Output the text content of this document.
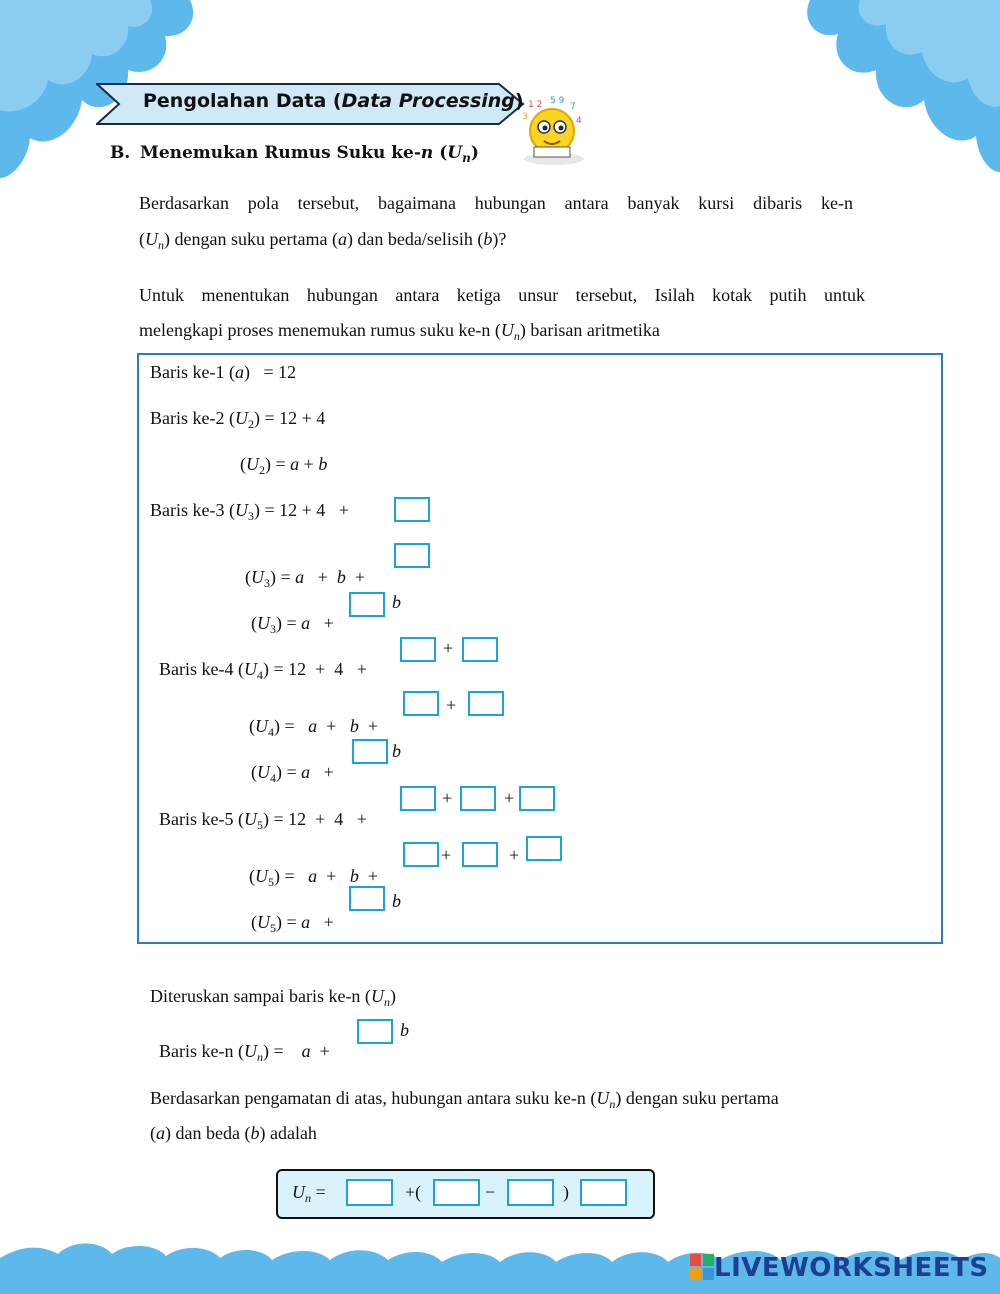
Pengolahan Data (Data Processing) 1 2 5 9
7
4
3
B. Menemukan Rumus Suku ke-n $(U_n)$
Berdasarkan pola tersebut, bagaimana hubungan antara banyak kursi dibaris ke-n
$(U_n)$ dengan suku pertama (a) dan beda/selisih (b)?
Untuk menentukan hubungan antara ketiga unsur tersebut, Isilah kotak putih untuk
melengkapi proses menemukan rumus suku ke-n $(U_n)$ barisan aritmetika
Baris ke-1 (a)   = 12
Baris ke-2 $(U_2) = 12 + 4$
$(U_2) = a + b$
Baris ke-3 $(U_3) = 12 + 4$   +

$(U_3) = a + b$  +

$(U_3) = a$   +

b

Baris ke-4 $(U_4) = 12 + 4$   +

+

$(U_4) = a + b$  +

+

$(U_4) = a$   +

b

Baris ke-5 $(U_5) = 12 + 4$   +

+	+

$(U_5) = a + b$  +

+	+

$(U_5) = a$   +

b
Diteruskan sampai baris ke-n $(U_n)$

Baris ke-n $(U_n)$ =    a  +

b
Berdasarkan pengamatan di atas, hubungan antara suku ke-n $(U_n)$ dengan suku pertama
(a) dan beda (b) adalah
$U_n$ =	+(	−	)
LIVEWORKSHEETS
